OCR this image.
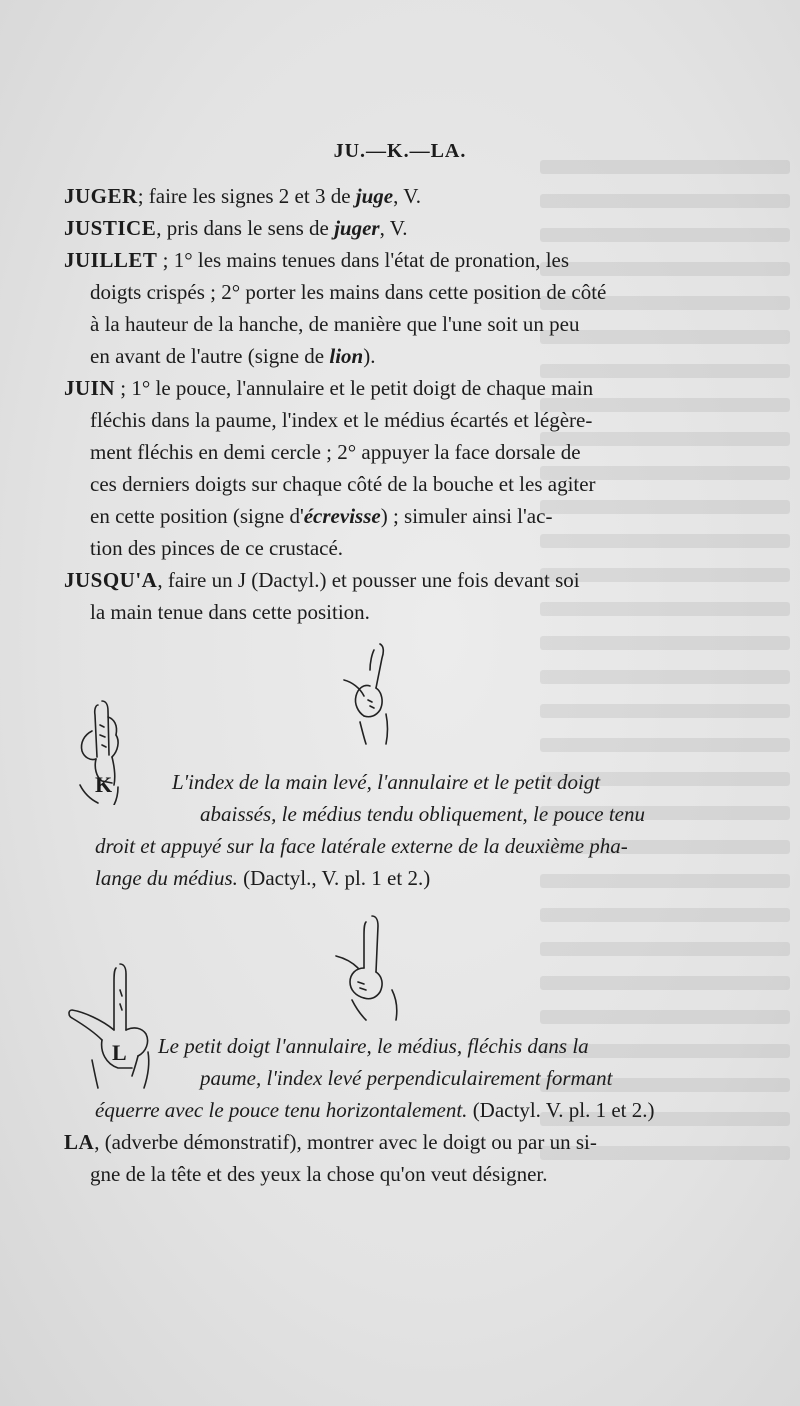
JU.—K.—LA.
JUGER; faire les signes 2 et 3 de juge, V.
JUSTICE, pris dans le sens de juger, V.
JUILLET ; 1° les mains tenues dans l'état de pronation, les
doigts crispés ; 2° porter les mains dans cette position de côté
à la hauteur de la hanche, de manière que l'une soit un peu
en avant de l'autre (signe de lion).
JUIN ; 1° le pouce, l'annulaire et le petit doigt de chaque main
fléchis dans la paume, l'index et le médius écartés et légère-
ment fléchis en demi cercle ; 2° appuyer la face dorsale de
ces derniers doigts sur chaque côté de la bouche et les agiter
en cette position (signe d'écrevisse) ; simuler ainsi l'ac-
tion des pinces de ce crustacé.
JUSQU'A, faire un J (Dactyl.) et pousser une fois devant soi
la main tenue dans cette position.
K	L'index de la main levé, l'annulaire et le petit doigt
abaissés, le médius tendu obliquement, le pouce tenu
droit et appuyé sur la face latérale externe de la deuxième pha-
lange du médius. (Dactyl., V. pl. 1 et 2.)
L Le petit doigt l'annulaire, le médius, fléchis dans la
paume, l'index levé perpendiculairement formant
équerre avec le pouce tenu horizontalement. (Dactyl. V. pl. 1 et 2.)
LA, (adverbe démonstratif), montrer avec le doigt ou par un si-
gne de la tête et des yeux la chose qu'on veut désigner.
